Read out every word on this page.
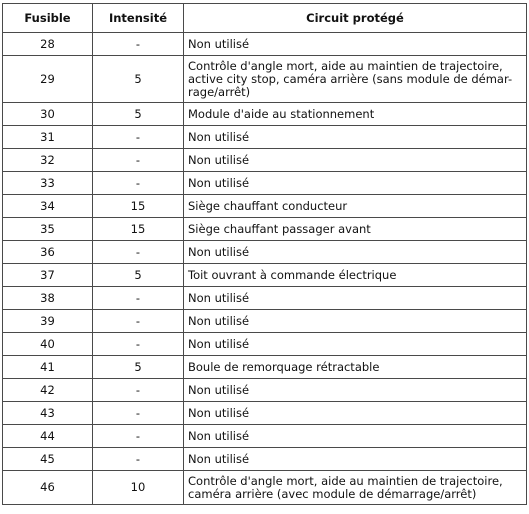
Fusible	Intensité	Circuit protégé
28	-	Non utilisé
29	5	Contrôle d'angle mort, aide au maintien de trajectoire,
active city stop, caméra arrière (sans module de démar-
rage/arrêt)

30	5	Module d'aide au stationnement
31	-	Non utilisé
32	-	Non utilisé
33	-	Non utilisé
34	15	Siège chauffant conducteur
35	15	Siège chauffant passager avant
36	-	Non utilisé
37	5	Toit ouvrant à commande électrique
38	-	Non utilisé
39	-	Non utilisé
40	-	Non utilisé
41	5	Boule de remorquage rétractable
42	-	Non utilisé
43	-	Non utilisé
44	-	Non utilisé
45	-	Non utilisé
46	10	Contrôle d'angle mort, aide au maintien de trajectoire,
caméra arrière (avec module de démarrage/arrêt)
